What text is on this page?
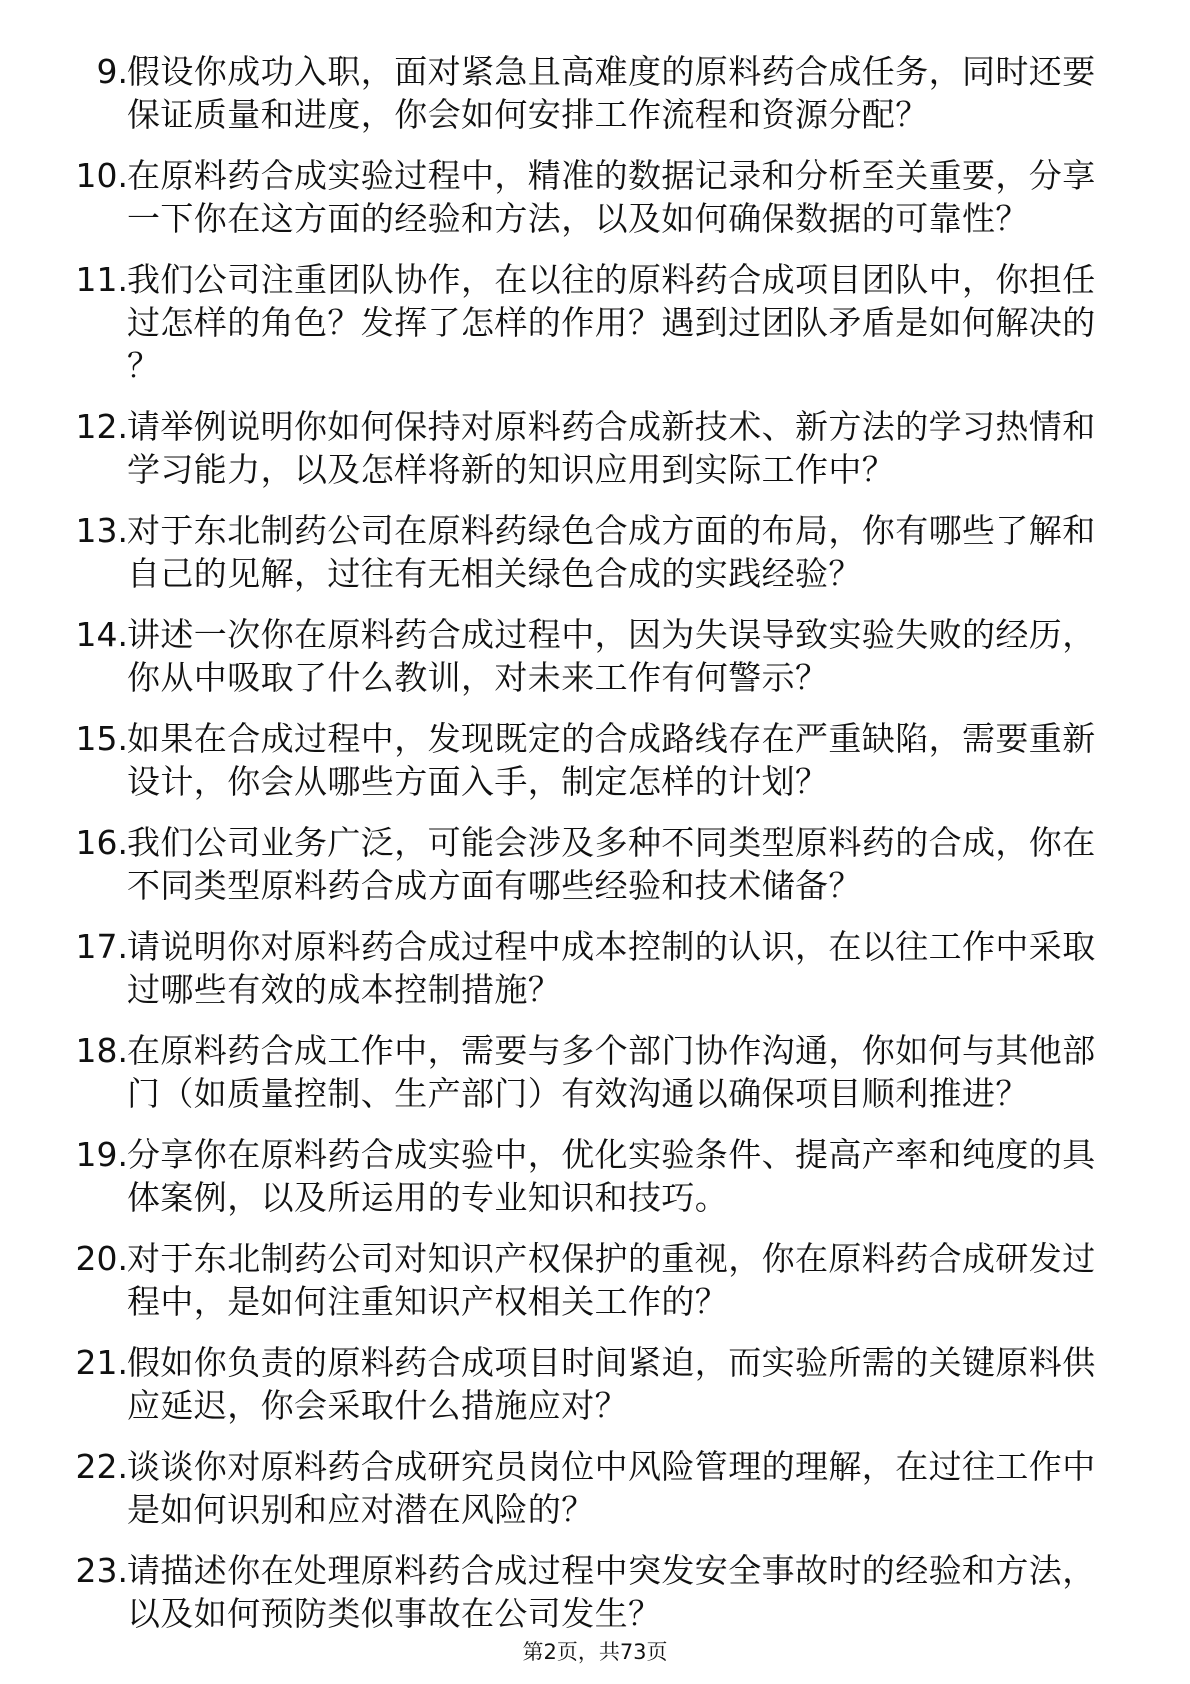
9. 假设你成功入职，面对紧急且高难度的原料药合成任务，同时还要保证质量和进度，你会如何安排工作流程和资源分配？
10. 在原料药合成实验过程中，精准的数据记录和分析至关重要，分享一下你在这方面的经验和方法，以及如何确保数据的可靠性？
11. 我们公司注重团队协作，在以往的原料药合成项目团队中，你担任过怎样的角色？发挥了怎样的作用？遇到过团队矛盾是如何解决的？
12. 请举例说明你如何保持对原料药合成新技术、新方法的学习热情和学习能力，以及怎样将新的知识应用到实际工作中？
13. 对于东北制药公司在原料药绿色合成方面的布局，你有哪些了解和自己的见解，过往有无相关绿色合成的实践经验？
14. 讲述一次你在原料药合成过程中，因为失误导致实验失败的经历，你从中吸取了什么教训，对未来工作有何警示？
15. 如果在合成过程中，发现既定的合成路线存在严重缺陷，需要重新设计，你会从哪些方面入手，制定怎样的计划？
16. 我们公司业务广泛，可能会涉及多种不同类型原料药的合成，你在不同类型原料药合成方面有哪些经验和技术储备？
17. 请说明你对原料药合成过程中成本控制的认识，在以往工作中采取过哪些有效的成本控制措施？
18. 在原料药合成工作中，需要与多个部门协作沟通，你如何与其他部门（如质量控制、生产部门）有效沟通以确保项目顺利推进？
19. 分享你在原料药合成实验中，优化实验条件、提高产率和纯度的具体案例，以及所运用的专业知识和技巧。
20. 对于东北制药公司对知识产权保护的重视，你在原料药合成研发过程中，是如何注重知识产权相关工作的？
21. 假如你负责的原料药合成项目时间紧迫，而实验所需的关键原料供应延迟，你会采取什么措施应对？
22. 谈谈你对原料药合成研究员岗位中风险管理的理解，在过往工作中是如何识别和应对潜在风险的？
23. 请描述你在处理原料药合成过程中突发安全事故时的经验和方法，以及如何预防类似事故在公司发生？
第2页，共73页
